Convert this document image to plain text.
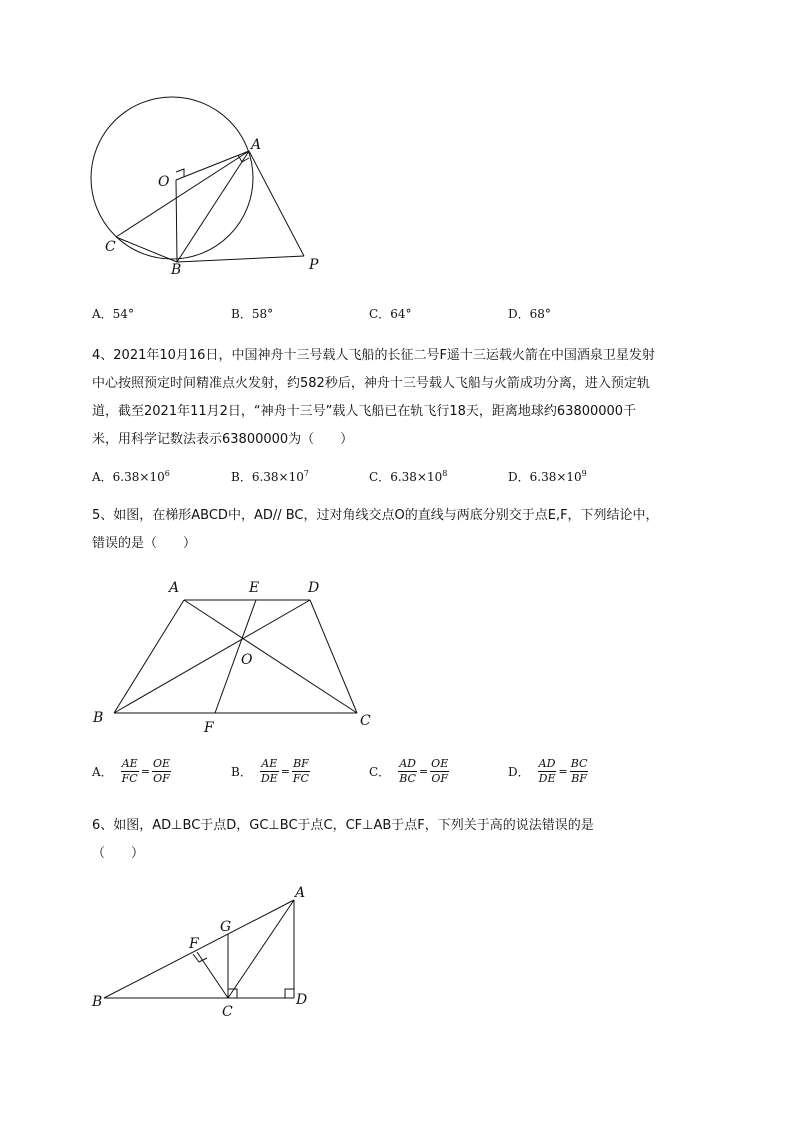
A
O
C
B	P
A．54°	B．58°	C．64°	D．68°
4、2021年10月16日，中国神舟十三号载人飞船的长征二号F遥十三运载火箭在中国酒泉卫星发射
中心按照预定时间精准点火发射，约582秒后，神舟十三号载人飞船与火箭成功分离，进入预定轨
道，截至2021年11月2日，“神舟十三号”载人飞船已在轨飞行18天，距离地球约63800000千
米，用科学记数法表示63800000为（　　）
A．$6.38\times 10^6$	B．$6.38\times 10^7$	C．$6.38\times 10^8$	D．$6.38\times 10^9$
5、如图，在梯形ABCD中，AD// BC，过对角线交点O的直线与两底分别交于点E,F，下列结论中，
错误的是（　　）
A	E	D
O
B
F	C
A． $\frac{AE}{FC} = \frac{OE}{OF}$	B． $\frac{AE}{DE} = \frac{BF}{FC}$	C． $\frac{AD}{BC} = \frac{OE}{OF}$	D． $\frac{AD}{DE} = \frac{BC}{BF}$
6、如图，AD⊥BC于点D，GC⊥BC于点C，CF⊥AB于点F，下列关于高的说法错误的是
（　　）
A
G
F
B
C
D
